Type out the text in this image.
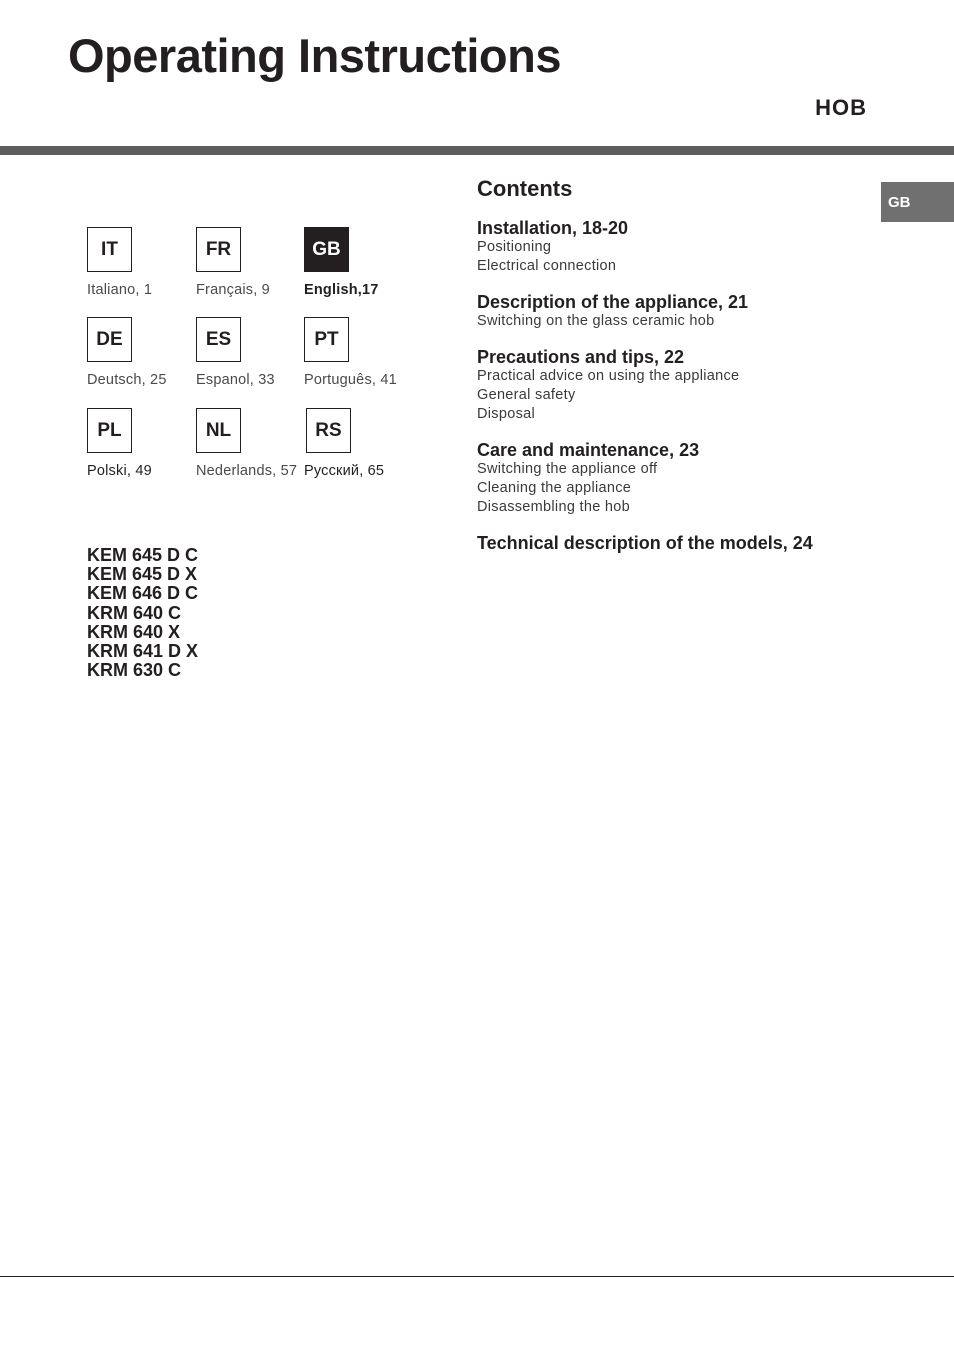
Operating Instructions
HOB
GB
IT
Italiano, 1
FR
Français, 9
GB
English,17
DE
Deutsch, 25
ES
Espanol, 33
PT
Português, 41
PL
Polski, 49
NL
Nederlands, 57
RS
Русский, 65
KEM 645 D C
KEM 645 D X
KEM 646 D C
KRM 640 C
KRM 640 X
KRM 641 D X
KRM 630 C
Contents
Installation, 18-20
Positioning
Electrical connection
Description of the appliance, 21
Switching on the glass ceramic hob
Precautions and tips, 22
Practical advice on using the appliance
General safety
Disposal
Care and maintenance, 23
Switching the appliance off
Cleaning the appliance
Disassembling the hob
Technical description of the models, 24
